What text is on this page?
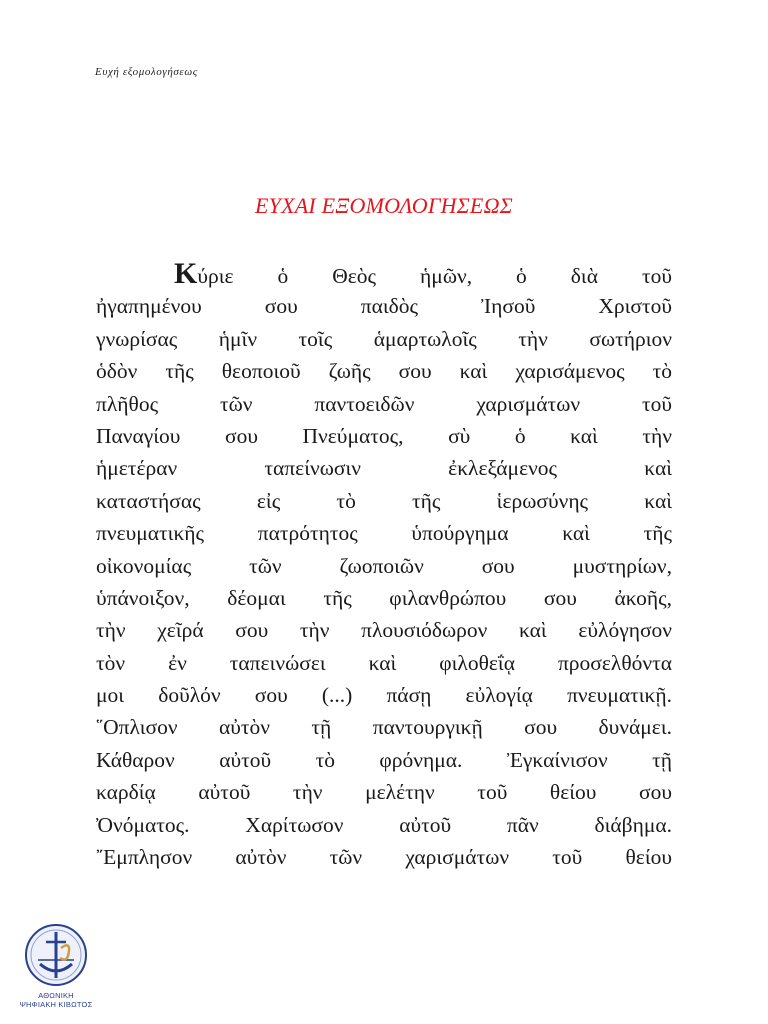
Ευχή εξομολογήσεως
ΕΥΧΑΙ ΕΞΟΜΟΛΟΓΗΣΕΩΣ
Κύριε ὁ Θεὸς ἡμῶν, ὁ διὰ τοῦ
ἠγαπημένου σου παιδὸς Ἰησοῦ Χριστοῦ
γνωρίσας ἡμῖν τοῖς ἁμαρτωλοῖς τὴν σωτήριον
ὁδὸν τῆς θεοποιοῦ ζωῆς σου καὶ χαρισάμενος τὸ
πλῆθος τῶν παντοειδῶν χαρισμάτων τοῦ
Παναγίου σου Πνεύματος, σὺ ὁ καὶ τὴν
ἡμετέραν ταπείνωσιν ἐκλεξάμενος καὶ
καταστήσας εἰς τὸ τῆς ἱερωσύνης καὶ
πνευματικῆς πατρότητος ὑπούργημα καὶ τῆς
οἰκονομίας τῶν ζωοποιῶν σου μυστηρίων,
ὑπάνοιξον, δέομαι τῆς φιλανθρώπου σου ἀκοῆς,
τὴν χεῖρά σου τὴν πλουσιόδωρον καὶ εὐλόγησον
τὸν ἐν ταπεινώσει καὶ φιλοθεΐᾳ προσελθόντα
μοι δοῦλόν σου (...) πάσῃ εὐλογίᾳ πνευματικῇ.
῞Οπλισον αὐτὸν τῇ παντουργικῇ σου δυνάμει.
Κάθαρον αὐτοῦ τὸ φρόνημα. Ἐγκαίνισον τῇ
καρδίᾳ αὐτοῦ τὴν μελέτην τοῦ θείου σου
Ὀνόματος. Χαρίτωσον αὐτοῦ πᾶν διάβημα.
῎Εμπλησον αὐτὸν τῶν χαρισμάτων τοῦ θείου
ΑΘΩΝΙΚΗ
ΨΗΦΙΑΚΗ ΚΙΒΩΤΟΣ
